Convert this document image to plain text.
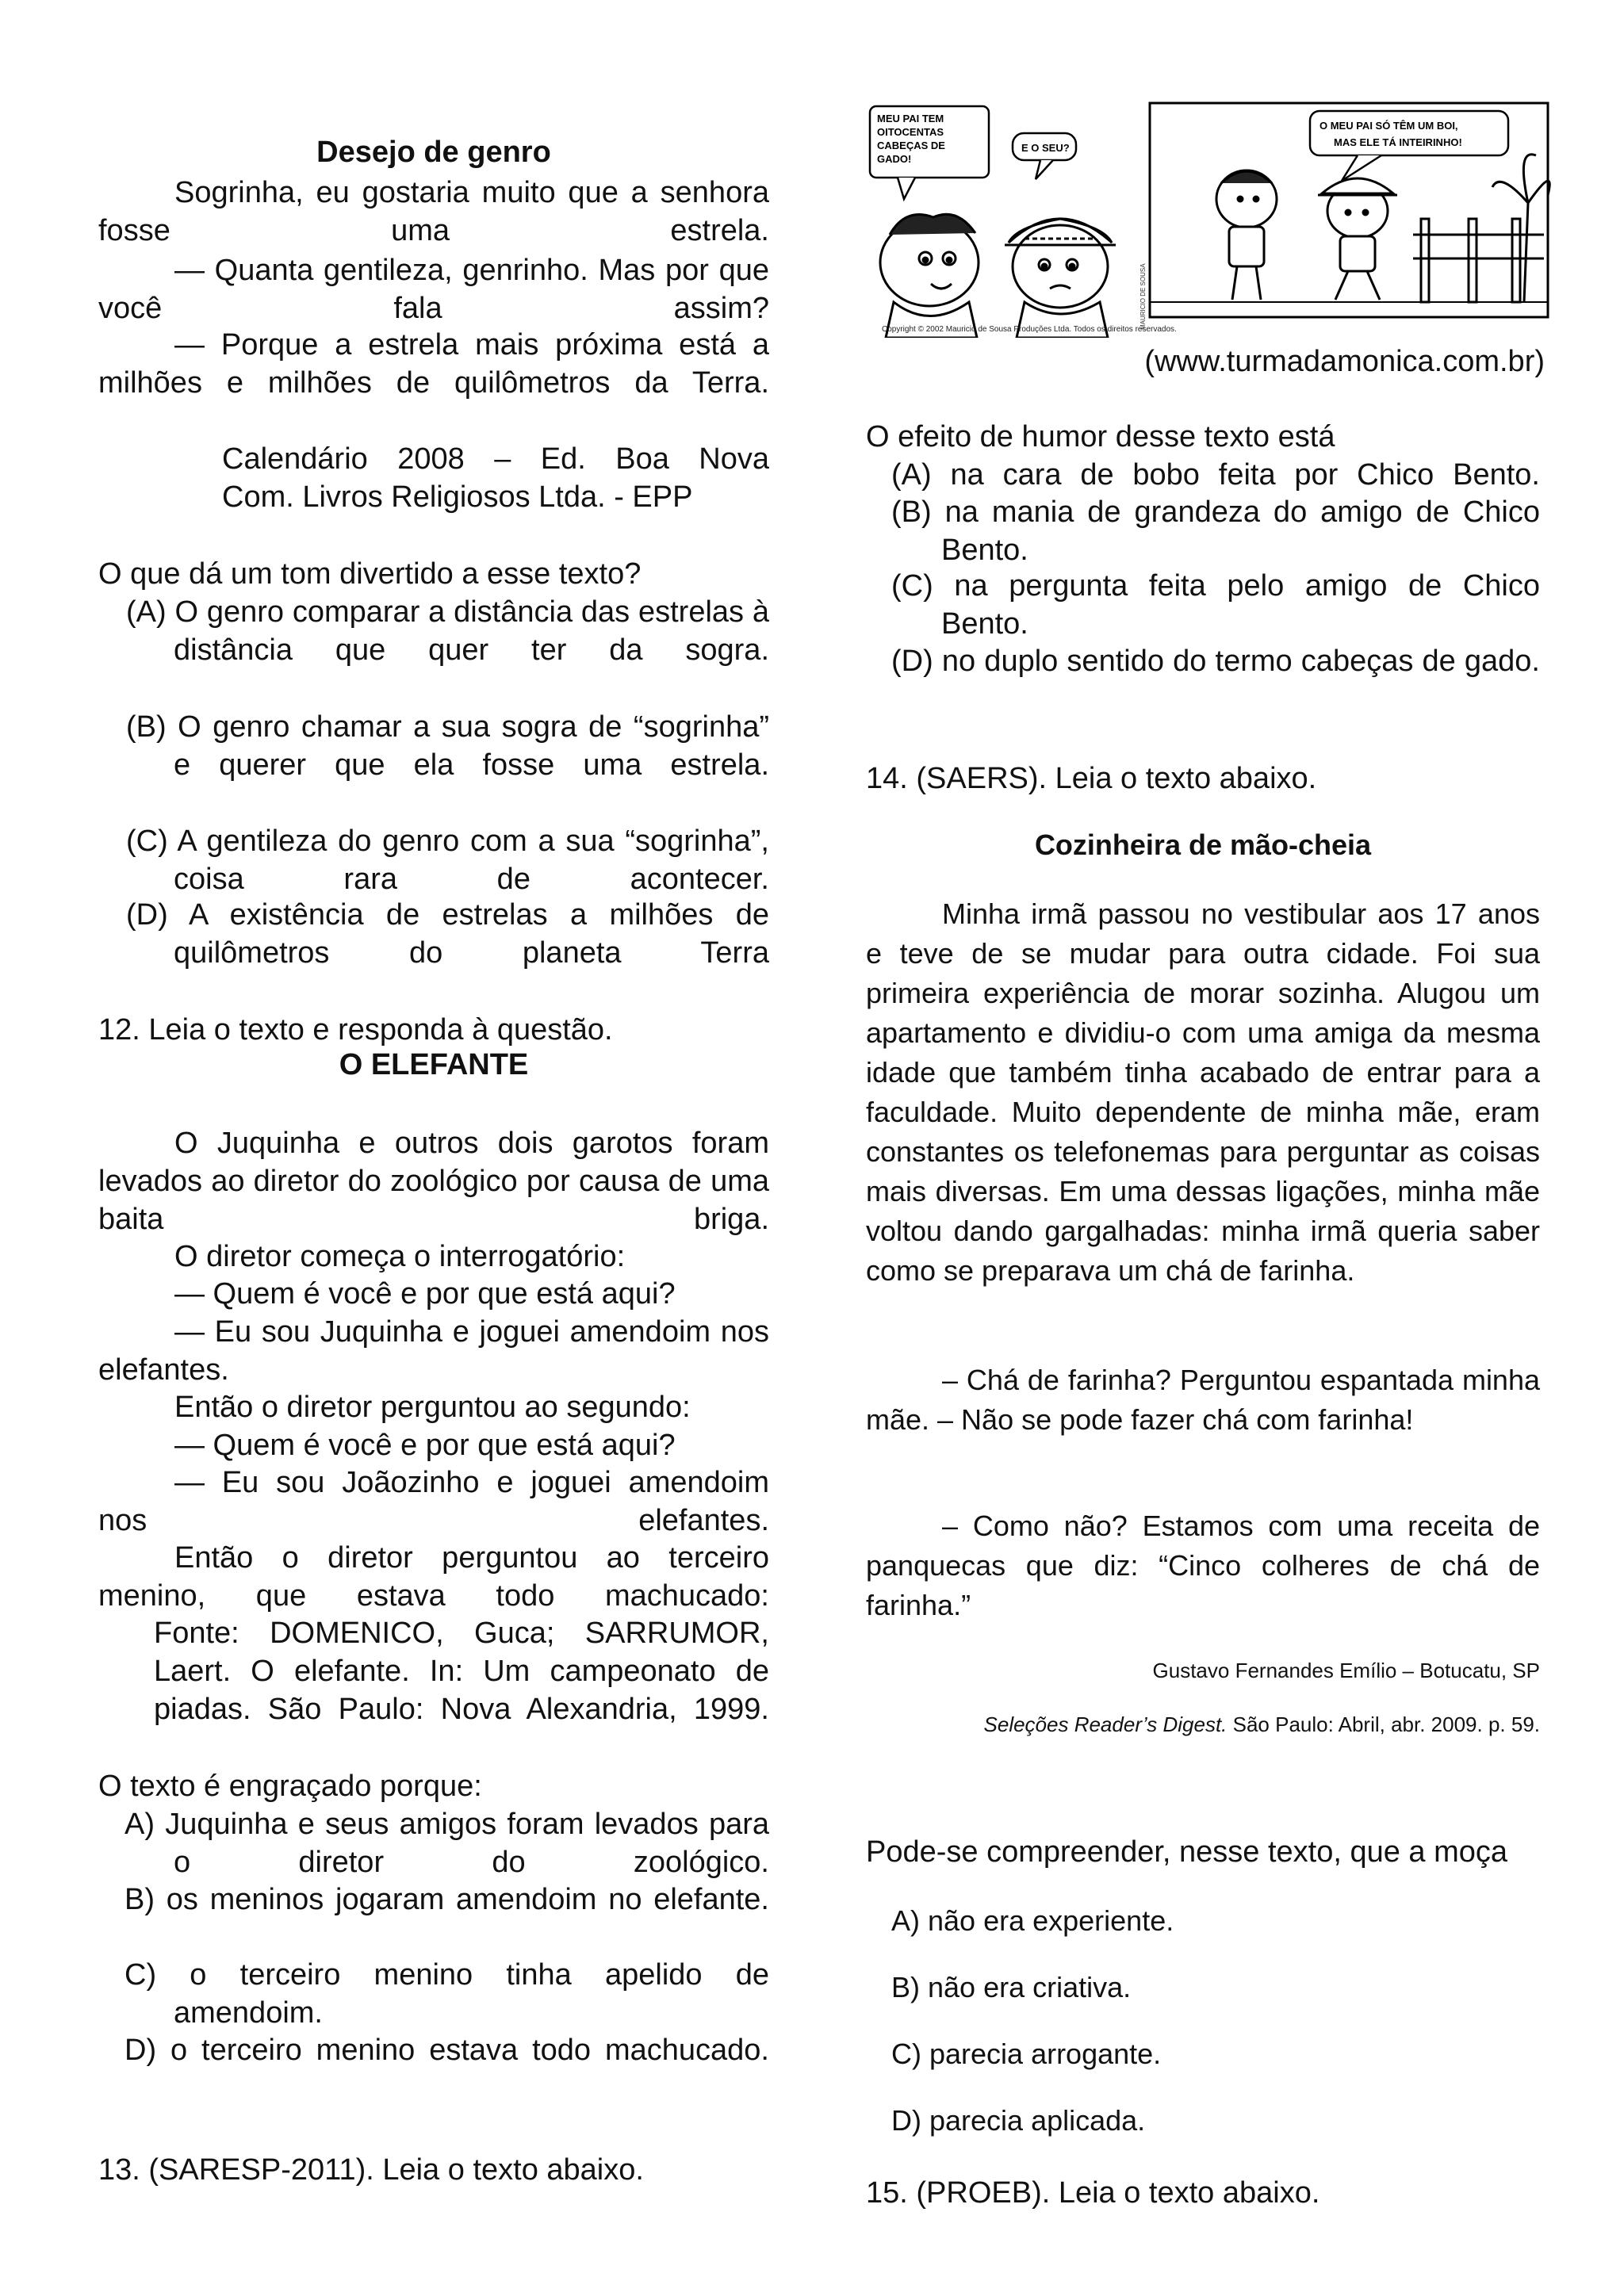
Desejo de genro
Sogrinha, eu gostaria muito que a senhora fosse uma estrela.
— Quanta gentileza, genrinho. Mas por que você fala assim?
— Porque a estrela mais próxima está a milhões e milhões de quilômetros da Terra.
Calendário 2008 – Ed. Boa Nova
Com. Livros Religiosos Ltda. - EPP
O que dá um tom divertido a esse texto?
(A) O genro comparar a distância das estrelas à distância que quer ter da sogra.
(B) O genro chamar a sua sogra de “sogrinha” e querer que ela fosse uma estrela.
(C) A gentileza do genro com a sua “sogrinha”, coisa rara de acontecer.
(D) A existência de estrelas a milhões de quilômetros do planeta Terra
12. Leia o texto e responda à questão.
O ELEFANTE
O Juquinha e outros dois garotos foram levados ao diretor do zoológico por causa de uma baita briga.
O diretor começa o interrogatório:
— Quem é você e por que está aqui?
— Eu sou Juquinha e joguei amendoim nos elefantes.
Então o diretor perguntou ao segundo:
— Quem é você e por que está aqui?
— Eu sou Joãozinho e joguei amendoim nos elefantes.
Então o diretor perguntou ao terceiro menino, que estava todo machucado:
Fonte: DOMENICO, Guca; SARRUMOR, Laert. O elefante. In: Um campeonato de piadas. São Paulo: Nova Alexandria, 1999.
O texto é engraçado porque:
A) Juquinha e seus amigos foram levados para o diretor do zoológico.
B) os meninos jogaram amendoim no elefante.
C) o terceiro menino tinha apelido de amendoim.
D) o terceiro menino estava todo machucado.
13. (SARESP-2011). Leia o texto abaixo.
MEU PAI TEM
OITOCENTAS
CABEÇAS DE
GADO!
E O SEU?
MAURICIO DE SOUSA
O MEU PAI SÓ TÊM UM BOI,
MAS ELE TÁ INTEIRINHO!
Copyright © 2002 Mauricio de Sousa Produções Ltda. Todos os direitos reservados.
(www.turmadamonica.com.br)
O efeito de humor desse texto está
(A) na cara de bobo feita por Chico Bento.
(B) na mania de grandeza do amigo de Chico Bento.
(C) na pergunta feita pelo amigo de Chico Bento.
(D) no duplo sentido do termo cabeças de gado.
14. (SAERS). Leia o texto abaixo.
Cozinheira de mão-cheia
Minha irmã passou no vestibular aos 17 anos e teve de se mudar para outra cidade. Foi sua primeira experiência de morar sozinha. Alugou um apartamento e dividiu-o com uma amiga da mesma idade que também tinha acabado de entrar para a faculdade. Muito dependente de minha mãe, eram constantes os telefonemas para perguntar as coisas mais diversas. Em uma dessas ligações, minha mãe voltou dando gargalhadas: minha irmã queria saber como se preparava um chá de farinha.
– Chá de farinha? Perguntou espantada minha mãe. – Não se pode fazer chá com farinha!
– Como não? Estamos com uma receita de panquecas que diz: “Cinco colheres de chá de farinha.”
Gustavo Fernandes Emílio – Botucatu, SP
Seleções Reader’s Digest. São Paulo: Abril, abr. 2009. p. 59.
Pode-se compreender, nesse texto, que a moça
A) não era experiente.
B) não era criativa.
C) parecia arrogante.
D) parecia aplicada.
15. (PROEB). Leia o texto abaixo.
